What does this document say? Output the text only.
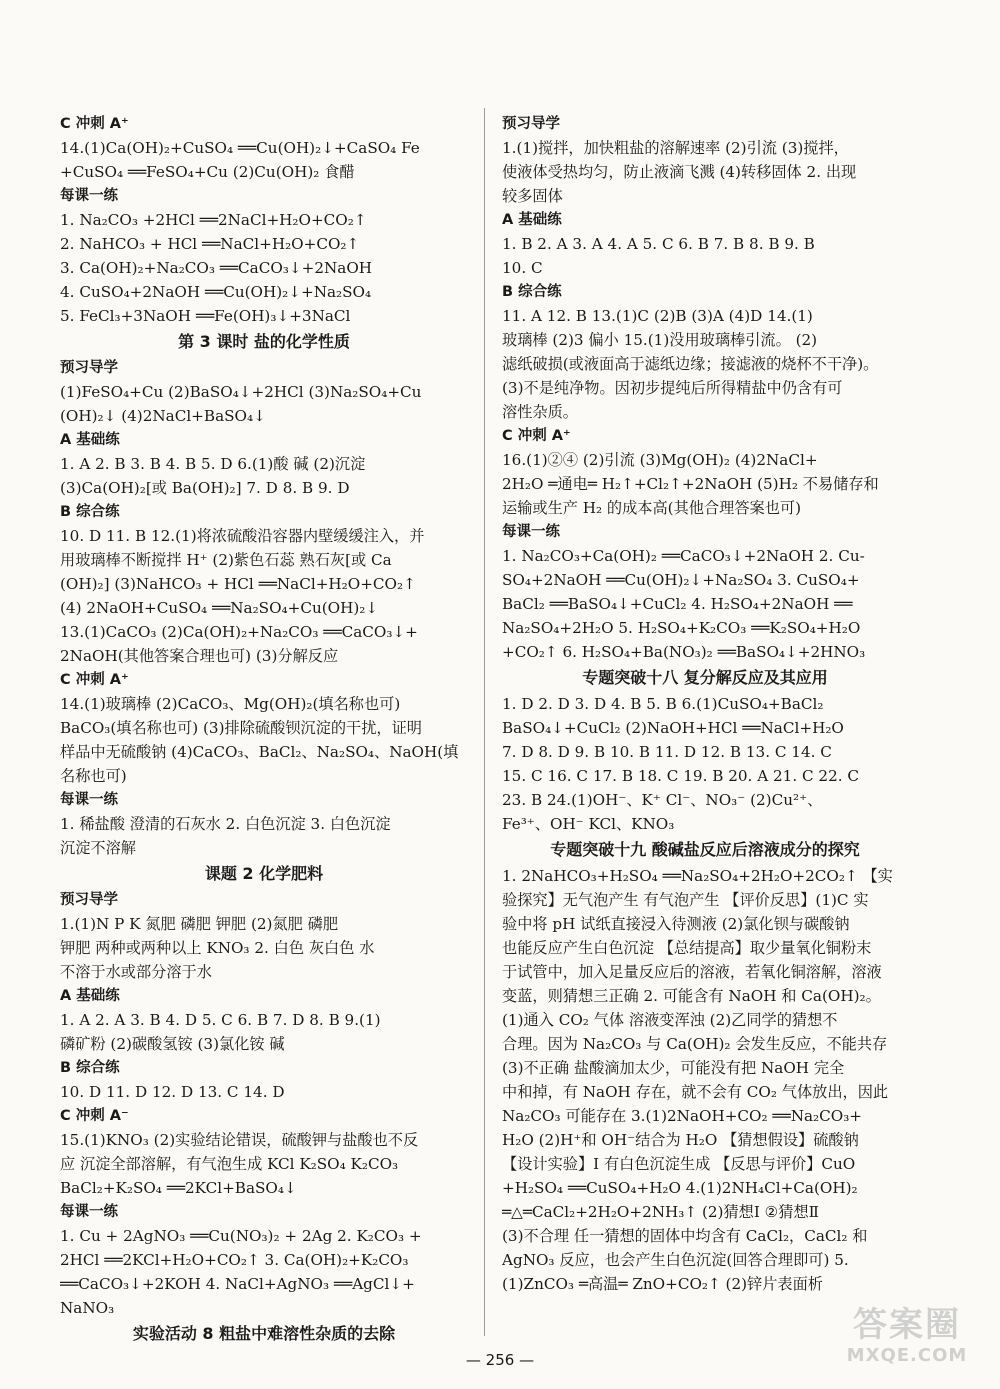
C 冲刺 A⁺
14.(1)Ca(OH)₂+CuSO₄ ══Cu(OH)₂↓+CaSO₄ Fe
+CuSO₄ ══FeSO₄+Cu (2)Cu(OH)₂ 食醋
每课一练
1. Na₂CO₃ +2HCl ══2NaCl+H₂O+CO₂↑
2. NaHCO₃ + HCl ══NaCl+H₂O+CO₂↑
3. Ca(OH)₂+Na₂CO₃ ══CaCO₃↓+2NaOH
4. CuSO₄+2NaOH ══Cu(OH)₂↓+Na₂SO₄
5. FeCl₃+3NaOH ══Fe(OH)₃↓+3NaCl
第 3 课时 盐的化学性质
预习导学
(1)FeSO₄+Cu (2)BaSO₄↓+2HCl (3)Na₂SO₄+Cu
(OH)₂↓ (4)2NaCl+BaSO₄↓
A 基础练
1. A 2. B 3. B 4. B 5. D 6.(1)酸 碱 (2)沉淀
(3)Ca(OH)₂[或 Ba(OH)₂] 7. D 8. B 9. D
B 综合练
10. D 11. B 12.(1)将浓硫酸沿容器内壁缓缓注入，并
用玻璃棒不断搅拌 H⁺ (2)紫色石蕊 熟石灰[或 Ca
(OH)₂] (3)NaHCO₃ + HCl ══NaCl+H₂O+CO₂↑
(4) 2NaOH+CuSO₄ ══Na₂SO₄+Cu(OH)₂↓
13.(1)CaCO₃ (2)Ca(OH)₂+Na₂CO₃ ══CaCO₃↓+
2NaOH(其他答案合理也可) (3)分解反应
C 冲刺 A⁺
14.(1)玻璃棒 (2)CaCO₃、Mg(OH)₂(填名称也可)
BaCO₃(填名称也可) (3)排除硫酸钡沉淀的干扰，证明
样品中无硫酸钠 (4)CaCO₃、BaCl₂、Na₂SO₄、NaOH(填
名称也可)
每课一练
1. 稀盐酸 澄清的石灰水 2. 白色沉淀 3. 白色沉淀
沉淀不溶解
课题 2 化学肥料
预习导学
1.(1)N P K 氮肥 磷肥 钾肥 (2)氮肥 磷肥
钾肥 两种或两种以上 KNO₃ 2. 白色 灰白色 水
不溶于水或部分溶于水
A 基础练
1. A 2. A 3. B 4. D 5. C 6. B 7. D 8. B 9.(1)
磷矿粉 (2)碳酸氢铵 (3)氯化铵 碱
B 综合练
10. D 11. D 12. D 13. C 14. D
C 冲刺 A⁻
15.(1)KNO₃ (2)实验结论错误，硫酸钾与盐酸也不反
应 沉淀全部溶解，有气泡生成 KCl K₂SO₄ K₂CO₃
BaCl₂+K₂SO₄ ══2KCl+BaSO₄↓
每课一练
1. Cu + 2AgNO₃ ══Cu(NO₃)₂ + 2Ag 2. K₂CO₃ +
2HCl ══2KCl+H₂O+CO₂↑ 3. Ca(OH)₂+K₂CO₃
══CaCO₃↓+2KOH 4. NaCl+AgNO₃ ══AgCl↓+
NaNO₃
实验活动 8 粗盐中难溶性杂质的去除
预习导学
1.(1)搅拌，加快粗盐的溶解速率 (2)引流 (3)搅拌，
使液体受热均匀，防止液滴飞溅 (4)转移固体 2. 出现
较多固体
A 基础练
1. B 2. A 3. A 4. A 5. C 6. B 7. B 8. B 9. B
10. C
B 综合练
11. A 12. B 13.(1)C (2)B (3)A (4)D 14.(1)
玻璃棒 (2)3 偏小 15.(1)没用玻璃棒引流。 (2)
滤纸破损(或液面高于滤纸边缘；接滤液的烧杯不干净)。
(3)不是纯净物。因初步提纯后所得精盐中仍含有可
溶性杂质。
C 冲刺 A⁺
16.(1)②④ (2)引流 (3)Mg(OH)₂ (4)2NaCl+
2H₂O ═通电═ H₂↑+Cl₂↑+2NaOH (5)H₂ 不易储存和
运输或生产 H₂ 的成本高(其他合理答案也可)
每课一练
1. Na₂CO₃+Ca(OH)₂ ══CaCO₃↓+2NaOH 2. Cu-
SO₄+2NaOH ══Cu(OH)₂↓+Na₂SO₄ 3. CuSO₄+
BaCl₂ ══BaSO₄↓+CuCl₂ 4. H₂SO₄+2NaOH ══
Na₂SO₄+2H₂O 5. H₂SO₄+K₂CO₃ ══K₂SO₄+H₂O
+CO₂↑ 6. H₂SO₄+Ba(NO₃)₂ ══BaSO₄↓+2HNO₃
专题突破十八 复分解反应及其应用
1. D 2. D 3. D 4. B 5. B 6.(1)CuSO₄+BaCl₂
BaSO₄↓+CuCl₂ (2)NaOH+HCl ══NaCl+H₂O
7. D 8. D 9. B 10. B 11. D 12. B 13. C 14. C
15. C 16. C 17. B 18. C 19. B 20. A 21. C 22. C
23. B 24.(1)OH⁻、K⁺ Cl⁻、NO₃⁻ (2)Cu²⁺、
Fe³⁺、OH⁻ KCl、KNO₃
专题突破十九 酸碱盐反应后溶液成分的探究
1. 2NaHCO₃+H₂SO₄ ══Na₂SO₄+2H₂O+2CO₂↑ 【实
验探究】无气泡产生 有气泡产生 【评价反思】(1)C 实
验中将 pH 试纸直接浸入待测液 (2)氯化钡与碳酸钠
也能反应产生白色沉淀 【总结提高】取少量氧化铜粉末
于试管中，加入足量反应后的溶液，若氧化铜溶解，溶液
变蓝，则猜想三正确 2. 可能含有 NaOH 和 Ca(OH)₂。
(1)通入 CO₂ 气体 溶液变浑浊 (2)乙同学的猜想不
合理。因为 Na₂CO₃ 与 Ca(OH)₂ 会发生反应，不能共存
(3)不正确 盐酸滴加太少，可能没有把 NaOH 完全
中和掉，有 NaOH 存在，就不会有 CO₂ 气体放出，因此
Na₂CO₃ 可能存在 3.(1)2NaOH+CO₂ ══Na₂CO₃+
H₂O (2)H⁺和 OH⁻结合为 H₂O 【猜想假设】硫酸钠
【设计实验】Ⅰ 有白色沉淀生成 【反思与评价】CuO
+H₂SO₄ ══CuSO₄+H₂O 4.(1)2NH₄Cl+Ca(OH)₂
═△═CaCl₂+2H₂O+2NH₃↑ (2)猜想Ⅰ ②猜想Ⅱ
(3)不合理 任一猜想的固体中均含有 CaCl₂，CaCl₂ 和
AgNO₃ 反应，也会产生白色沉淀(回答合理即可) 5.
(1)ZnCO₃ ═高温═ ZnO+CO₂↑ (2)锌片表面析
— 256 —
答案圈
MXQE.COM
